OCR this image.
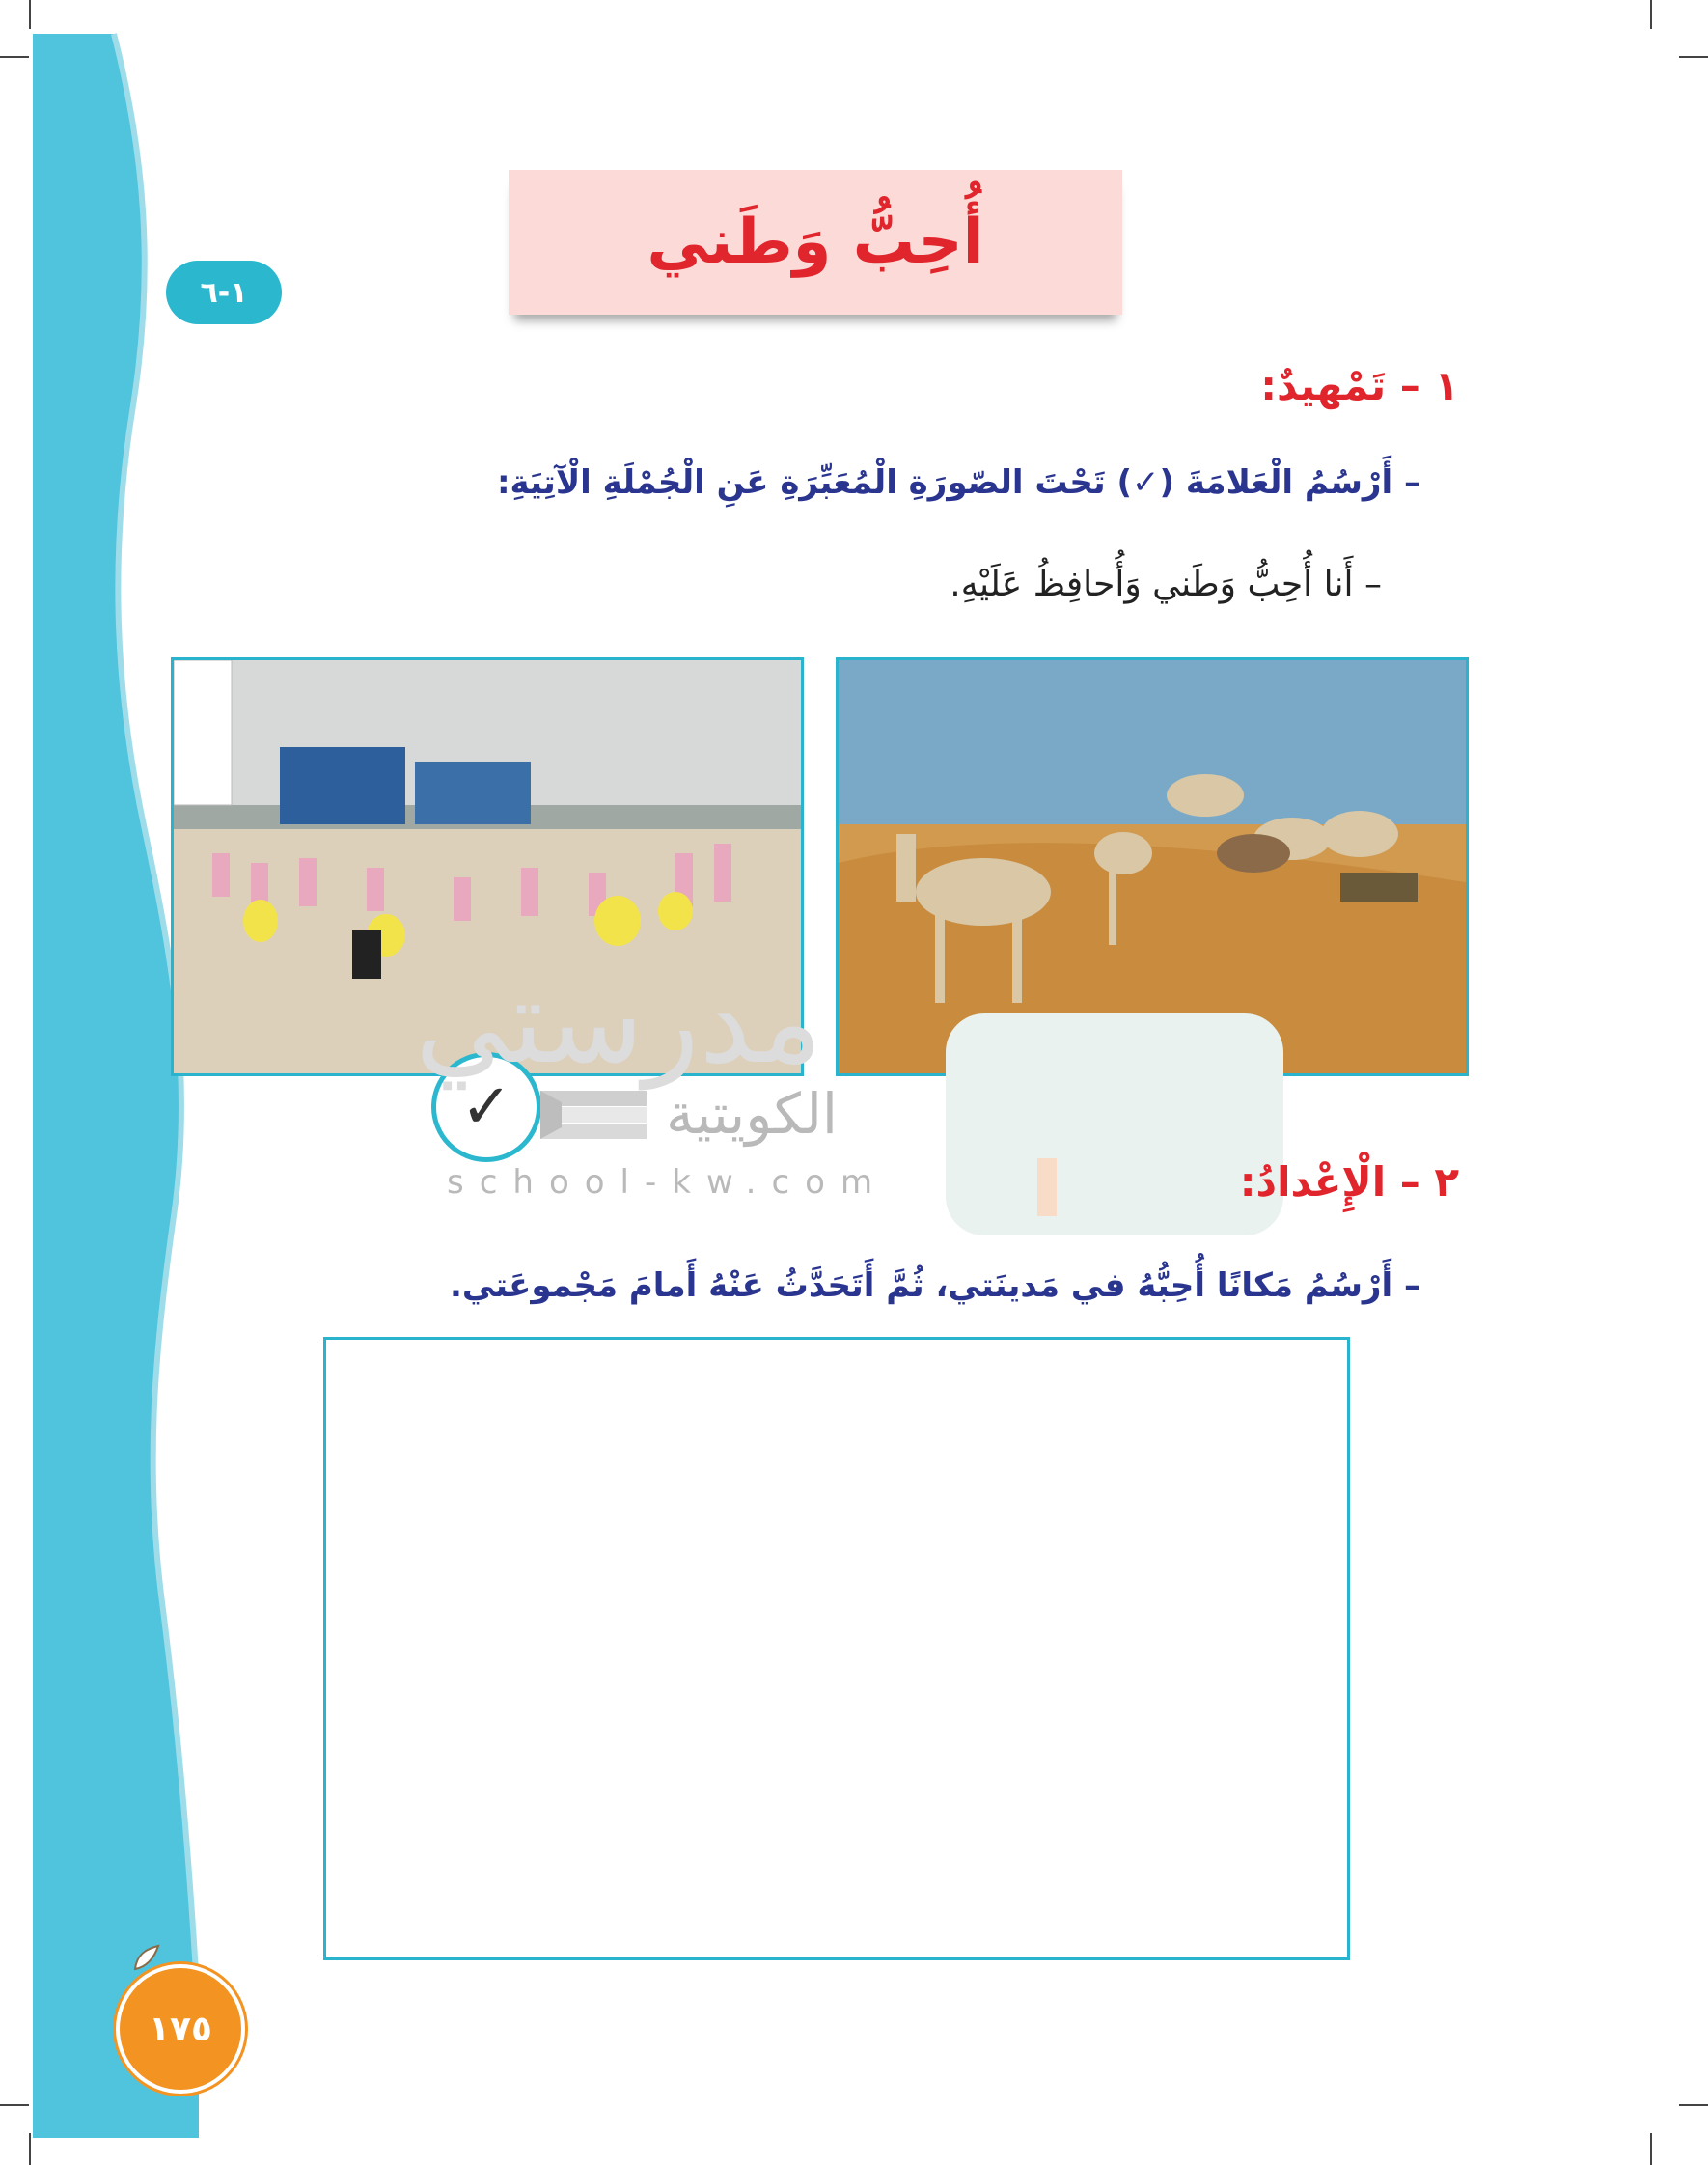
١-٦
أُحِبُّ وَطَني
١ – تَمْهيدٌ:
– أَرْسُمُ الْعَلامَةَ (✓) تَحْتَ الصّورَةِ الْمُعَبِّرَةِ عَنِ الْجُمْلَةِ الْآتِيَةِ:
– أَنا أُحِبُّ وَطَني وَأُحافِظُ عَلَيْهِ.
✓
مدرستي
الكويتية
school-kw.com	٢ – الْإِعْدادُ:
– أَرْسُمُ مَكانًا أُحِبُّهُ في مَدينَتي، ثُمَّ أَتَحَدَّثُ عَنْهُ أَمامَ مَجْموعَتي.
١٧٥
